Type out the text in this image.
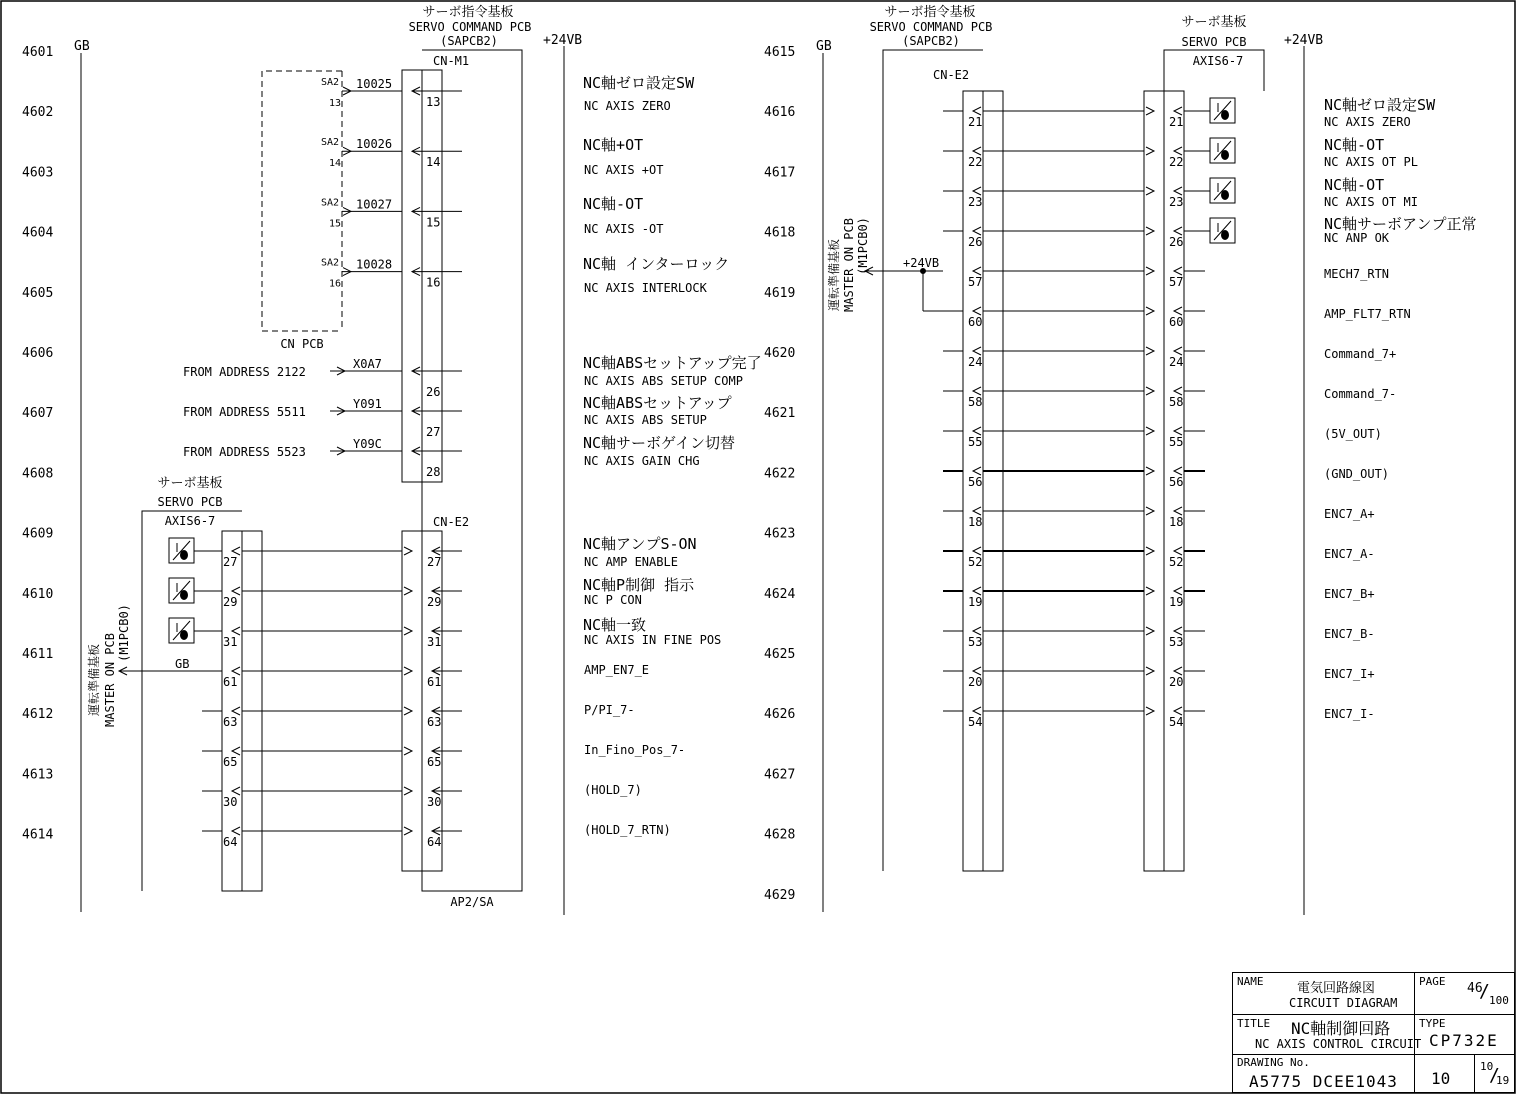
GB	+24VB
サーボ指令基板
SERVO COMMAND PCB
(SAPCB2)
AP2/SA
CN-M1
CN-E2
CN PCB
サーボ基板
SERVO PCB
AXIS6-7
運転準備基板 MASTER ON PCB
(M1PCB0)
GB
4601
4602
4603
4604
4605
4606
4607
4608
4609
4610
4611
4612
4613
4614
SA2
13
10025
13
SA2
14
10026
14
SA2
15
10027
15
SA2
16
10028
16
FROM ADDRESS 2122
X0A7
26
FROM ADDRESS 5511
Y091
27
FROM ADDRESS 5523
Y09C
28
27	27
29	29
31	31
61	61
63	63
65	65
30	30
64	64
NC軸ゼロ設定SW
NC AXIS ZERO
NC軸+OT
NC AXIS +OT
NC軸-OT
NC AXIS -OT
NC軸 インターロック
NC AXIS INTERLOCK
NC軸ABSセットアップ完了
NC AXIS ABS SETUP COMP
NC軸ABSセットアップ
NC AXIS ABS SETUP
NC軸サーボゲイン切替
NC AXIS GAIN CHG
NC軸アンプS-ON
NC AMP ENABLE
NC軸P制御 指示
NC P CON
NC軸一致
NC AXIS IN FINE POS
AMP_EN7_E
P/PI_7-
In_Fino_Pos_7-
(HOLD_7)
(HOLD_7_RTN)
GB	+24VB
サーボ指令基板
SERVO COMMAND PCB
(SAPCB2)
CN-E2
サーボ基板
SERVO PCB
AXIS6-7
運転準備基板 MASTER ON PCB (M1PCB0)	+24VB
4615
4616
4617
4618
4619
4620
4621
4622
4623
4624
4625
4626
4627
4628
4629
21	21
22	22
23	23
26	26
57	57
60	60
24	24
58	58
55	55
56	56
18	18
52	52
19	19
53	53
20	20
54	54
NC軸ゼロ設定SW
NC AXIS ZERO
NC軸-OT
NC AXIS OT PL
NC軸-OT
NC AXIS OT MI
NC軸サーボアンプ正常
NC ANP OK
MECH7_RTN
AMP_FLT7_RTN
Command_7+
Command_7-
(5V_OUT)
(GND_OUT)
ENC7_A+
ENC7_A-
ENC7_B+
ENC7_B-
ENC7_I+
ENC7_I-
NAME	電気回路線図
CIRCUIT DIAGRAM
PAGE 46
/ 100
TITLE NC軸制御回路
NC AXIS CONTROL CIRCUIT
TYPE
CP732E
DRAWING No.
A5775 DCEE1043 10
10
/
19
